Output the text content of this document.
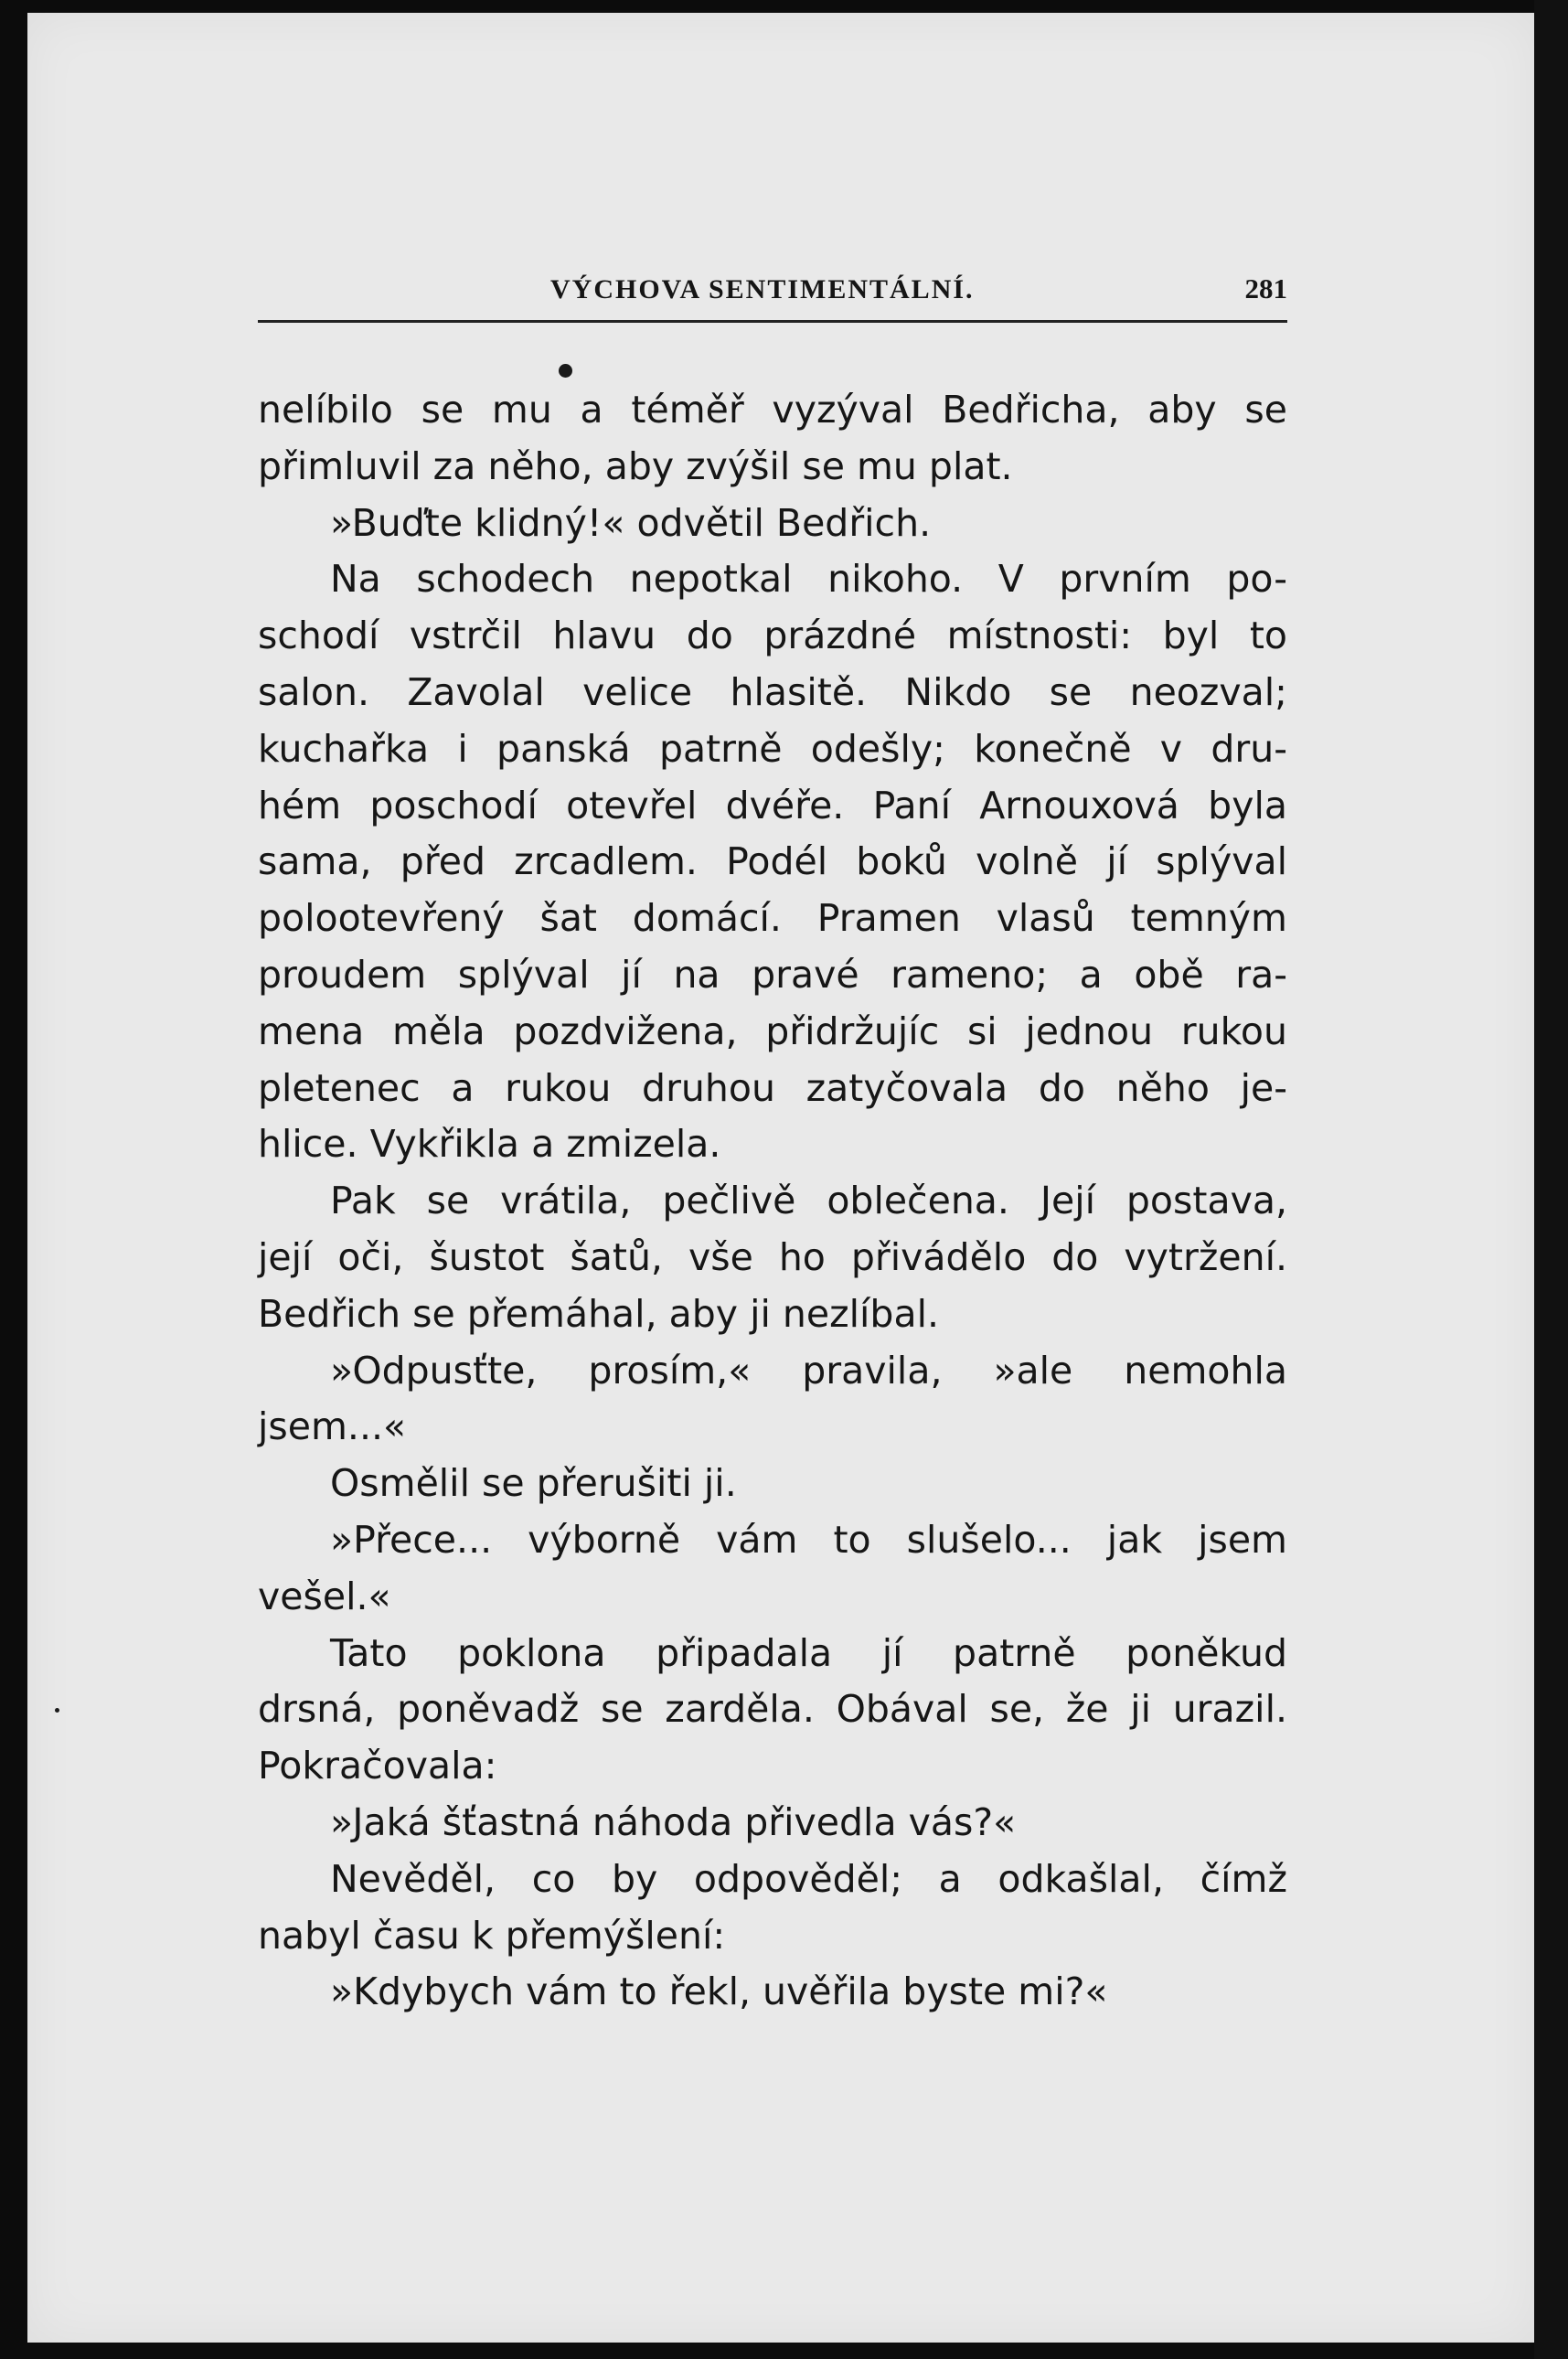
VÝCHOVA SENTIMENTÁLNÍ.	281
nelíbilo se mu a téměř vyzýval Bedřicha, aby se
přimluvil za něho, aby zvýšil se mu plat.
»Buďte klidný!« odvětil Bedřich.
Na schodech nepotkal nikoho. V prvním po-
schodí vstrčil hlavu do prázdné místnosti: byl to
salon. Zavolal velice hlasitě. Nikdo se neozval;
kuchařka i panská patrně odešly; konečně v dru-
hém poschodí otevřel dvéře. Paní Arnouxová byla
sama, před zrcadlem. Podél boků volně jí splýval
polootevřený šat domácí. Pramen vlasů temným
proudem splýval jí na pravé rameno; a obě ra-
mena měla pozdvižena, přidržujíc si jednou rukou
pletenec a rukou druhou zatyčovala do něho je-
hlice. Vykřikla a zmizela.
Pak se vrátila, pečlivě oblečena. Její postava,
její oči, šustot šatů, vše ho přivádělo do vytržení.
Bedřich se přemáhal, aby ji nezlíbal.
»Odpusťte, prosím,« pravila, »ale nemohla
jsem...«
Osmělil se přerušiti ji.
»Přece... výborně vám to slušelo... jak jsem
vešel.«
Tato poklona připadala jí patrně poněkud
drsná, poněvadž se zarděla. Obával se, že ji urazil.
Pokračovala:
»Jaká šťastná náhoda přivedla vás?«
Nevěděl, co by odpověděl; a odkašlal, čímž
nabyl času k přemýšlení:
»Kdybych vám to řekl, uvěřila byste mi?«
